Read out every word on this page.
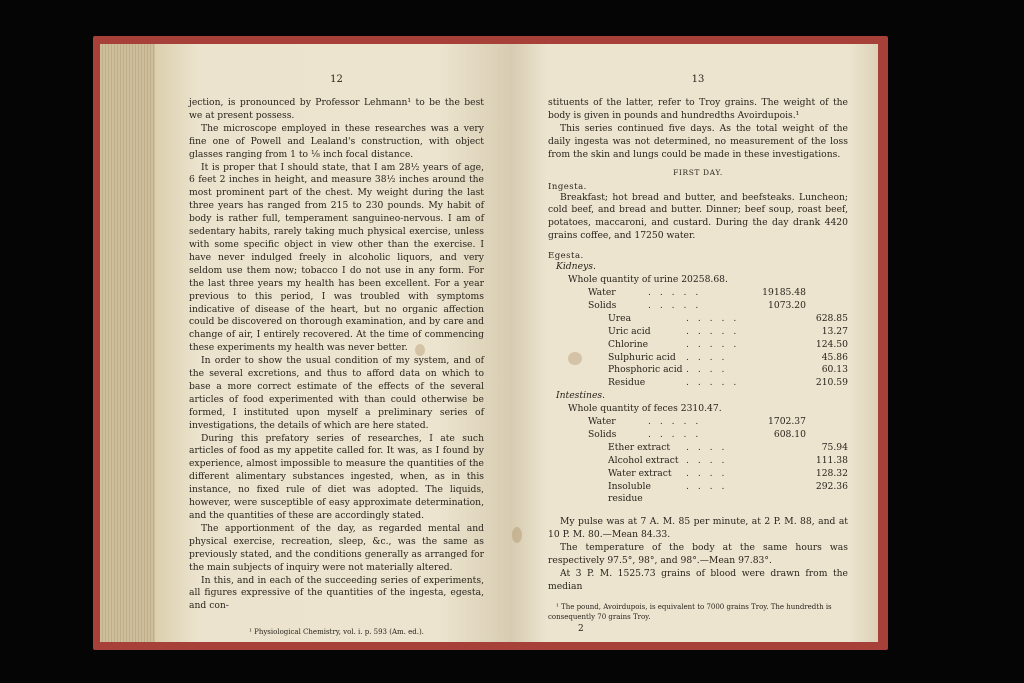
12

jection, is pronounced by Professor Lehmann¹ to be the best we at present possess.

The microscope employed in these researches was a very fine one of Powell and Lealand's construction, with object glasses ranging from 1 to ⅛ inch focal distance.

It is proper that I should state, that I am 28½ years of age, 6 feet 2 inches in height, and measure 38½ inches around the most prominent part of the chest. My weight during the last three years has ranged from 215 to 230 pounds. My habit of body is rather full, temperament sanguineo-nervous. I am of sedentary habits, rarely taking much physical exercise, unless with some specific object in view other than the exercise. I have never indulged freely in alcoholic liquors, and very seldom use them now; tobacco I do not use in any form. For the last three years my health has been excellent. For a year previous to this period, I was troubled with symptoms indicative of disease of the heart, but no organic affection could be discovered on thorough examination, and by care and change of air, I entirely recovered. At the time of commencing these experiments my health was never better.

In order to show the usual condition of my system, and of the several excretions, and thus to afford data on which to base a more correct estimate of the effects of the several articles of food experimented with than could otherwise be formed, I instituted upon myself a preliminary series of investigations, the details of which are here stated.

During this prefatory series of researches, I ate such articles of food as my appetite called for. It was, as I found by experience, almost impossible to measure the quantities of the different alimentary substances ingested, when, as in this instance, no fixed rule of diet was adopted. The liquids, however, were susceptible of easy approximate determination, and the quantities of these are accordingly stated.

The apportionment of the day, as regarded mental and physical exercise, recreation, sleep, &c., was the same as previously stated, and the conditions generally as arranged for the main subjects of inquiry were not materially altered.

In this, and in each of the succeeding series of experiments, all figures expressive of the quantities of the ingesta, egesta, and con-

¹ Physiological Chemistry, vol. i. p. 593 (Am. ed.).
13

stituents of the latter, refer to Troy grains. The weight of the body is given in pounds and hundredths Avoirdupois.¹

This series continued five days. As the total weight of the daily ingesta was not determined, no measurement of the loss from the skin and lungs could be made in these investigations.

FIRST DAY.
Ingesta.

Breakfast; hot bread and butter, and beefsteaks. Luncheon; cold beef, and bread and butter. Dinner; beef soup, roast beef, potatoes, maccaroni, and custard. During the day drank 4420 grains coffee, and 17250 water.

Egesta.
Kidneys.
Whole quantity of urine 20258.68.
Water	. . . . .	19185.48
Solids	. . . . .	1073.20
Urea	. . . . .	628.85
Uric acid	. . . . .	13.27
Chlorine	. . . . .	124.50
Sulphuric acid	. . . .	45.86
Phosphoric acid . . . .	60.13
Residue	. . . . .	210.59
Intestines.
Whole quantity of feces 2310.47.
Water	. . . . .	1702.37
Solids	. . . . .	608.10
Ether extract	. . . .	75.94
Alcohol extract . . . .	111.38
Water extract	. . . .	128.32
Insoluble residue
. . . .	292.36

My pulse was at 7 A. M. 85 per minute, at 2 P. M. 88, and at 10 P. M. 80.—Mean 84.33.

The temperature of the body at the same hours was respectively 97.5°, 98°, and 98°.—Mean 97.83°.

At 3 P. M. 1525.73 grains of blood were drawn from the median

¹ The pound, Avoirdupois, is equivalent to 7000 grains Troy. The hundredth is consequently 70 grains Troy.
2
